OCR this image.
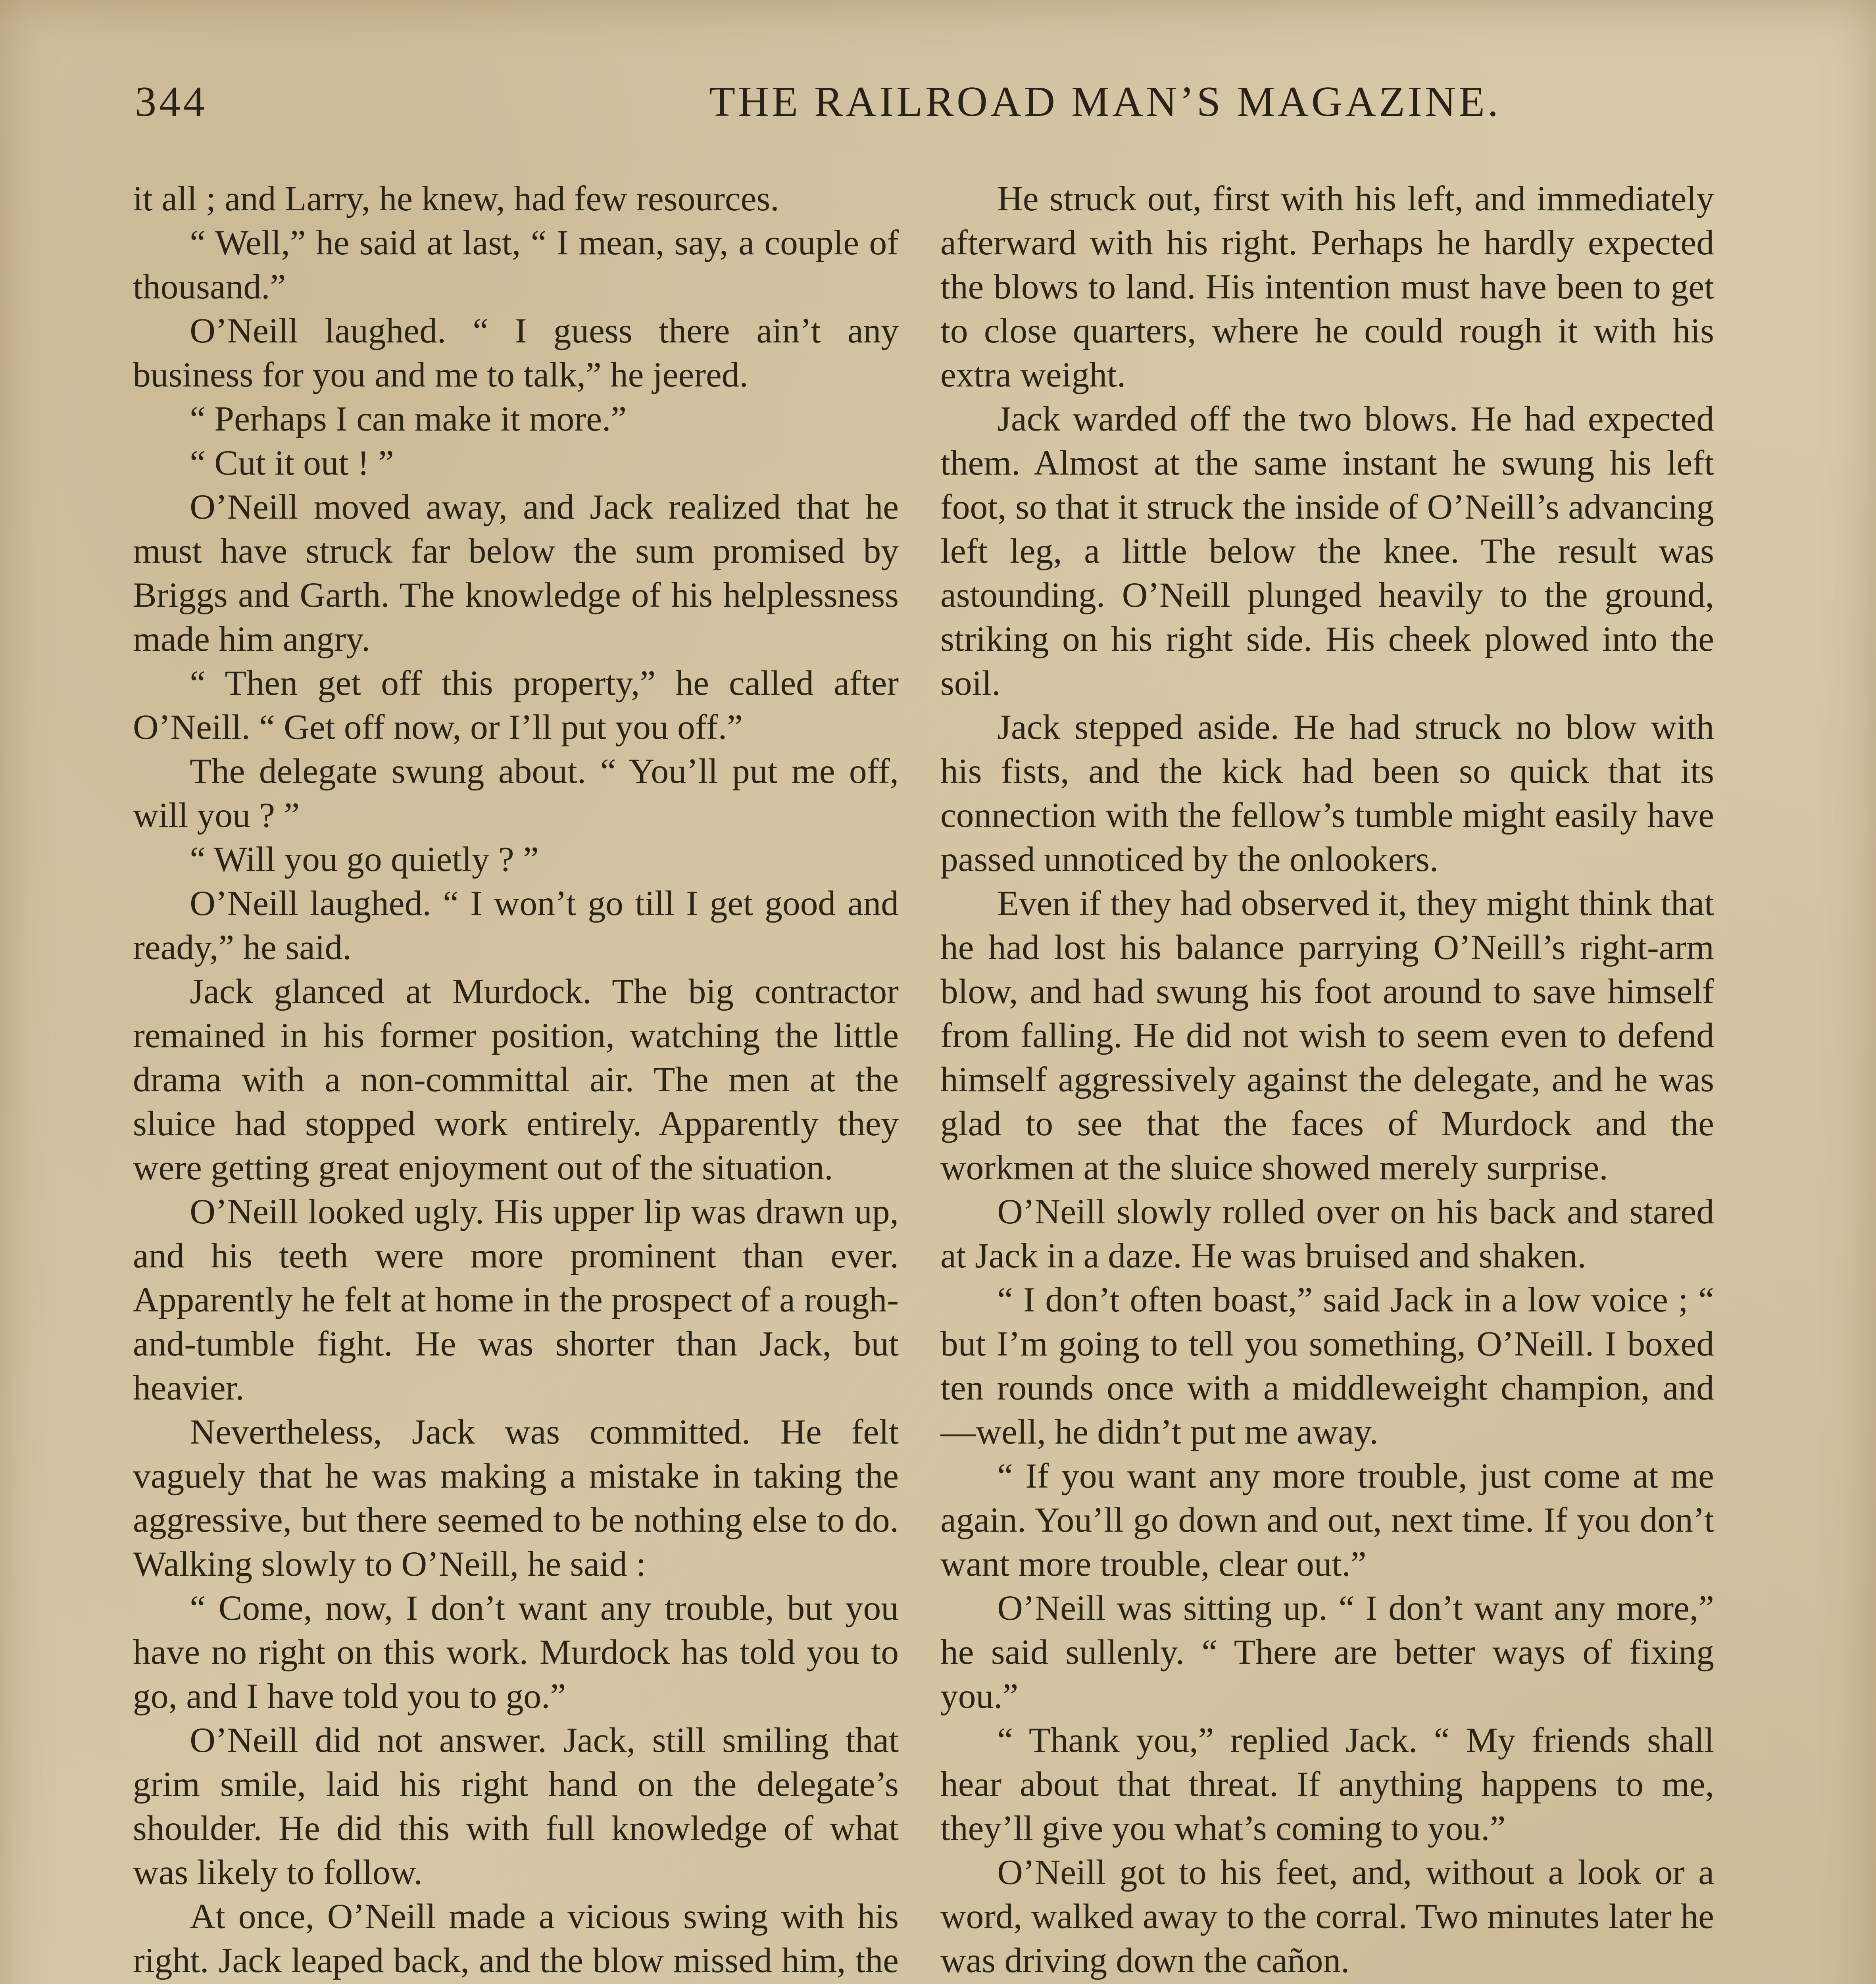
344	THE RAILROAD MAN’S MAGAZINE.

it all ; and Larry, he knew, had few resources.

“ Well,” he said at last, “ I mean, say, a couple of thousand.”

O’Neill laughed. “ I guess there ain’t any business for you and me to talk,” he jeered.

“ Perhaps I can make it more.”

“ Cut it out ! ”

O’Neill moved away, and Jack realized that he must have struck far below the sum promised by Briggs and Garth. The knowledge of his helplessness made him angry.

“ Then get off this property,” he called after O’Neill. “ Get off now, or I’ll put you off.”

The delegate swung about. “ You’ll put me off, will you ? ”

“ Will you go quietly ? ”

O’Neill laughed. “ I won’t go till I get good and ready,” he said.

Jack glanced at Murdock. The big contractor remained in his former position, watching the little drama with a non-committal air. The men at the sluice had stopped work entirely. Apparently they were getting great enjoyment out of the situation.

O’Neill looked ugly. His upper lip was drawn up, and his teeth were more prominent than ever. Apparently he felt at home in the prospect of a rough-and-tumble fight. He was shorter than Jack, but heavier.

Nevertheless, Jack was committed. He felt vaguely that he was making a mistake in taking the aggressive, but there seemed to be nothing else to do. Walking slowly to O’Neill, he said :

“ Come, now, I don’t want any trouble, but you have no right on this work. Murdock has told you to go, and I have told you to go.”

O’Neill did not answer. Jack, still smiling that grim smile, laid his right hand on the delegate’s shoulder. He did this with full knowledge of what was likely to follow.

At once, O’Neill made a vicious swing with his right. Jack leaped back, and the blow missed him, the

He struck out, first with his left, and immediately afterward with his right. Perhaps he hardly expected the blows to land. His intention must have been to get to close quarters, where he could rough it with his extra weight.

Jack warded off the two blows. He had expected them. Almost at the same instant he swung his left foot, so that it struck the inside of O’Neill’s advancing left leg, a little below the knee. The result was astounding. O’Neill plunged heavily to the ground, striking on his right side. His cheek plowed into the soil.

Jack stepped aside. He had struck no blow with his fists, and the kick had been so quick that its connection with the fellow’s tumble might easily have passed unnoticed by the onlookers.

Even if they had observed it, they might think that he had lost his balance parrying O’Neill’s right-arm blow, and had swung his foot around to save himself from falling. He did not wish to seem even to defend himself aggressively against the delegate, and he was glad to see that the faces of Murdock and the workmen at the sluice showed merely surprise.

O’Neill slowly rolled over on his back and stared at Jack in a daze. He was bruised and shaken.

“ I don’t often boast,” said Jack in a low voice ; “ but I’m going to tell you something, O’Neill. I boxed ten rounds once with a middleweight champion, and—well, he didn’t put me away.

“ If you want any more trouble, just come at me again. You’ll go down and out, next time. If you don’t want more trouble, clear out.”

O’Neill was sitting up. “ I don’t want any more,” he said sullenly. “ There are better ways of fixing you.”

“ Thank you,” replied Jack. “ My friends shall hear about that threat. If anything happens to me, they’ll give you what’s coming to you.”

O’Neill got to his feet, and, without a look or a word, walked away to the corral. Two minutes later he was driving down the cañon.
